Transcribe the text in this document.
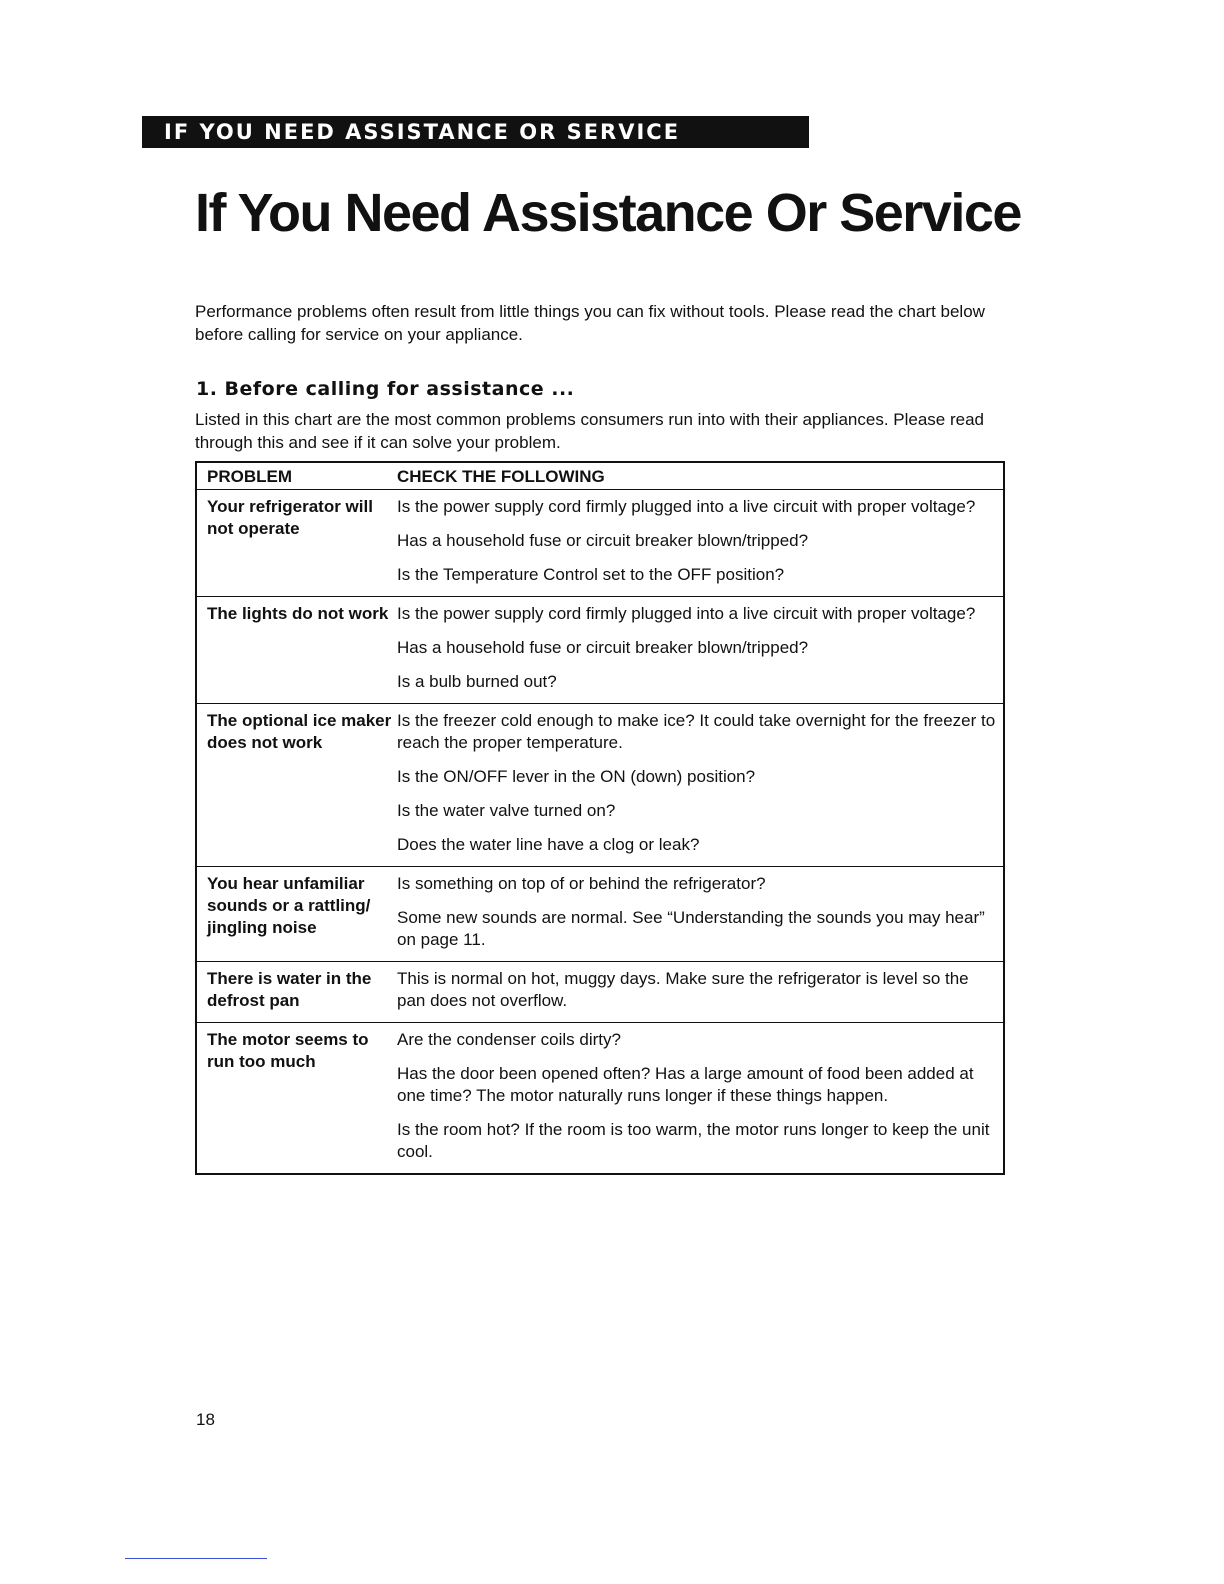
IF YOU NEED ASSISTANCE OR SERVICE
If You Need Assistance Or Service

Performance problems often result from little things you can fix without tools. Please read the chart below before calling for service on your appliance.

1. Before calling for assistance ...

Listed in this chart are the most common problems consumers run into with their appliances. Please read through this and see if it can solve your problem.

PROBLEM	CHECK THE FOLLOWING
Your refrigerator will not operate	Is the power supply cord firmly plugged into a live circuit with proper voltage?
Has a household fuse or circuit breaker blown/tripped?
Is the Temperature Control set to the OFF position?

The lights do not work	Is the power supply cord firmly plugged into a live circuit with proper voltage?
Has a household fuse or circuit breaker blown/tripped?
Is a bulb burned out?

The optional ice maker does not work	Is the freezer cold enough to make ice? It could take overnight for the freezer to reach the proper temperature.
Is the ON/OFF lever in the ON (down) position?
Is the water valve turned on?
Does the water line have a clog or leak?

You hear unfamiliar sounds or a rattling/ jingling noise	Is something on top of or behind the refrigerator?
Some new sounds are normal. See “Understanding the sounds you may hear” on page 11.

There is water in the defrost pan	This is normal on hot, muggy days. Make sure the refrigerator is level so the pan does not overflow.

The motor seems to run too much	Are the condenser coils dirty?
Has the door been opened often? Has a large amount of food been added at one time? The motor naturally runs longer if these things happen.
Is the room hot? If the room is too warm, the motor runs longer to keep the unit cool.
18
